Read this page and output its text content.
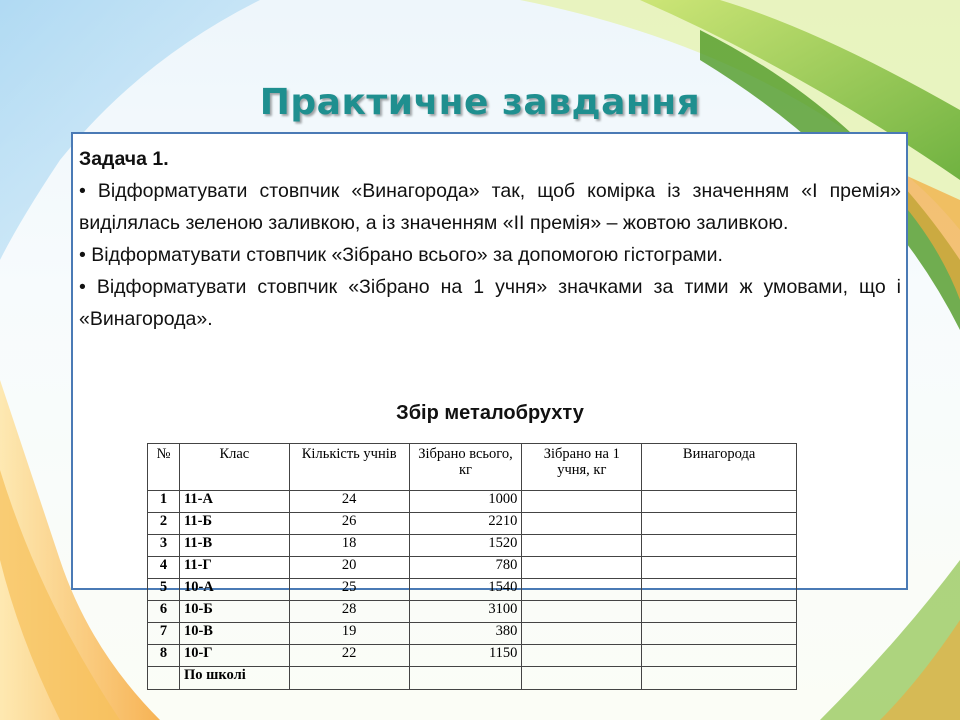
Практичне завдання

Задача 1.

• Відформатувати стовпчик «Винагорода» так, щоб комірка із значенням «І премія» виділялась зеленою заливкою, а із значенням «ІІ премія» – жовтою заливкою.

• Відформатувати стовпчик «Зібрано всього» за допомогою гістограми.

• Відформатувати стовпчик «Зібрано на 1 учня» значками за тими ж умовами, що і «Винагорода».

Збір металобрухту
№	Клас	Кількість учнів	Зібрано всього, кг	Зібрано на 1 учня, кг	Винагорода
1	11-А	24	1000		
2	11-Б	26	2210		
3	11-В	18	1520		
4	11-Г	20	780		
5	10-А	25	1540		
6	10-Б	28	3100		
7	10-В	19	380		
8	10-Г	22	1150		
	По школі				
